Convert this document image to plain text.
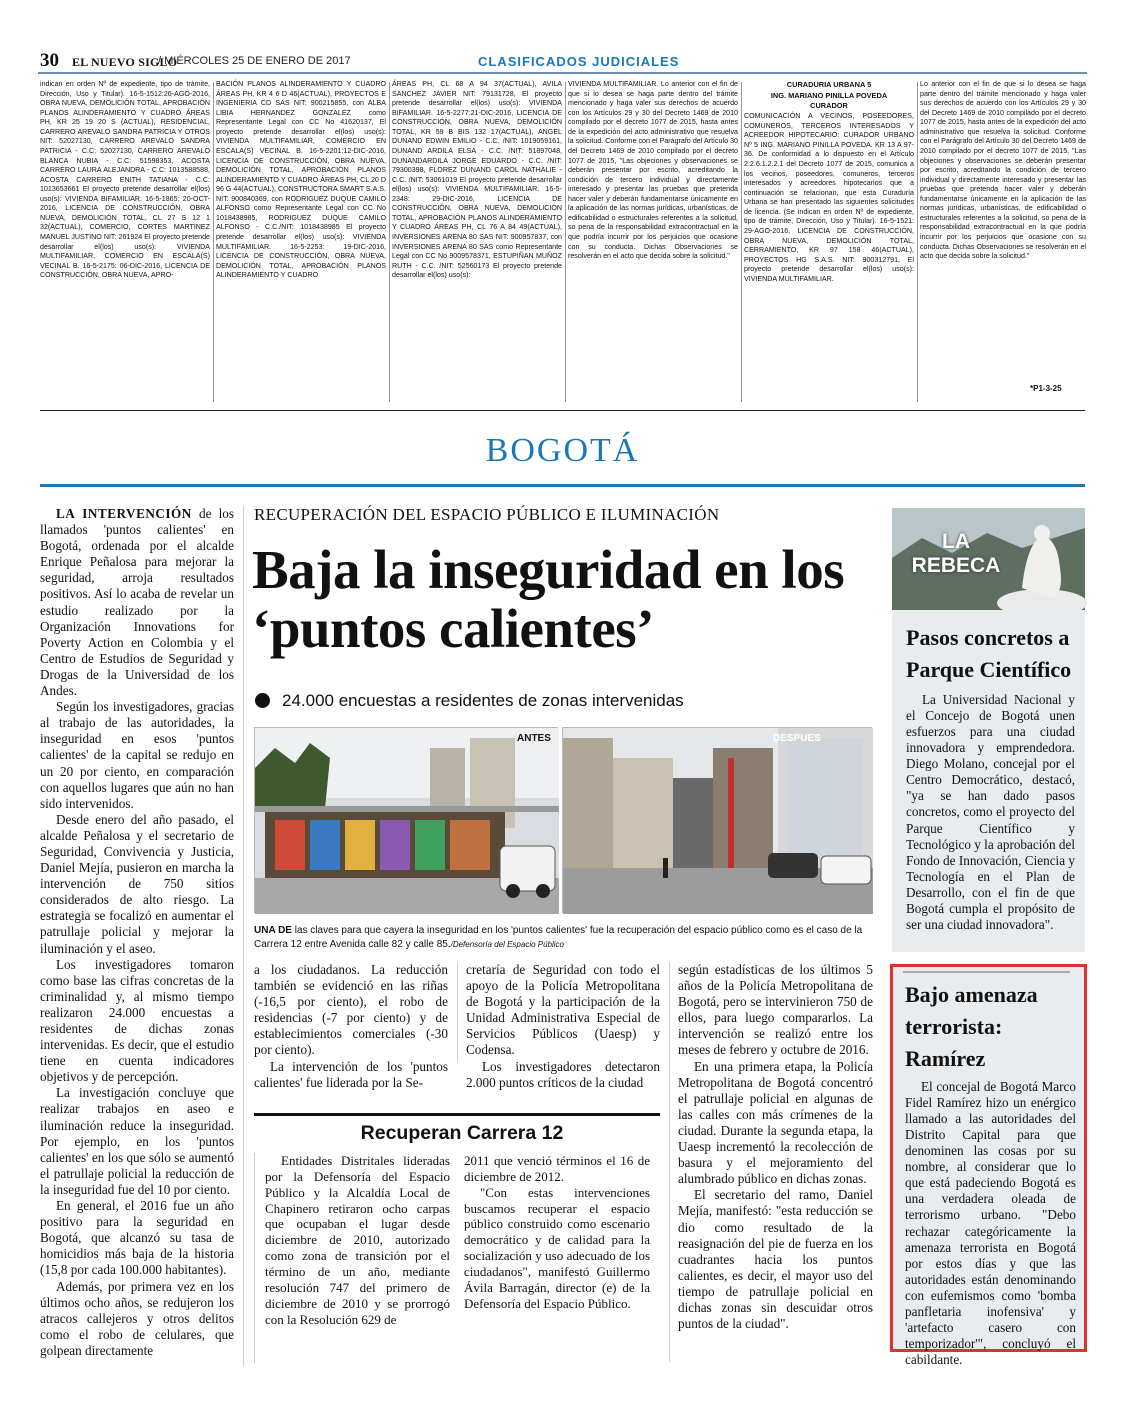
30 EL NUEVO SIGLO
/ MIÉRCOLES 25 DE ENERO DE 2017	CLASIFICADOS JUDICIALES
indican en orden Nº de expediente, tipo de trámite, Dirección, Uso y Titular). 16-5-1512:26-AGO-2016, OBRA NUEVA, DEMOLICIÓN TOTAL, APROBACIÓN PLANOS ALINDERAMIENTO Y CUADRO ÁREAS PH, KR 25 19 20 S (ACTUAL), RESIDENCIAL, CARRERO AREVALO SANDRA PATRICIA Y OTROS NIT: 52027130, CARRERO AREVALO SANDRA PATRICIA - C.C: 52027130, CARRERO AREVALO BLANCA NUBIA - C.C: 51598353, ACOSTA CARRERO LAURA ALEJANDRA - C.C: 1013588588, ACOSTA CARRERO ENITH TATIANA - C.C: 1013653661 El proyecto pretende desarrollar el(los) uso(s): VIVIENDA BIFAMILIAR. 16-5-1865: 20-OCT-2016, LICENCIA DE CONSTRUCCIÓN, OBRA NUEVA, DEMOLICIÓN TOTAL, CL 27 S 12 1 32(ACTUAL), COMERCIO, CORTES MARTINEZ MANUEL JUSTINO NIT: 261924 El proyecto pretende desarrollar el(los) uso(s): VIVIENDA MULTIFAMILIAR, COMERCIO EN ESCALA(S) VECINAL B. 16-5-2175: 06-DIC-2016, LICENCIA DE CONSTRUCCIÓN, OBRA NUEVA, APRO-
BACIÓN PLANOS ALINDERAMIENTO Y CUADRO ÁREAS PH, KR 4 6 D 46(ACTUAL), PROYECTOS E INGENIERIA CD SAS NIT: 900215855, con ALBA LIBIA HERNANDEZ GONZALEZ como Representante Legal con CC No 41620137, El proyecto pretende desarrollar el(los) uso(s): VIVIENDA MULTIFAMILIAR, COMERCIO EN ESCALA(S) VECINAL B. 16-5-2201:12-DIC-2016, LICENCIA DE CONSTRUCCIÓN, OBRA NUEVA, DEMOLICIÓN TOTAL, APROBACIÓN PLANOS ALINDERAMIENTO Y CUADRO ÁREAS PH, CL 20 D 96 G 44(ACTUAL), CONSTRUCTORA SMART S.A.S. NIT: 900840369, con RODRIGUEZ DUQUE CAMILO ALFONSO como Representante Legal con CC No 1018438985, RODRIGUEZ DUQUE CAMILO ALFONSO - C.C./NIT: 1018438985 El proyecto pretende desarrollar el(los) uso(s): VIVIENDA MULTIFAMILIAR. 16-5-2253: 19-DIC-2016, LICENCIA DE CONSTRUCCIÓN, OBRA NUEVA, DEMOLICIÓN TOTAL, APROBACIÓN PLANOS ALINDERAMIENTO Y CUADRO
ÁREAS PH, CL 68 A 94 37(ACTUAL), AVILA SANCHEZ JAVIER NIT: 79131728, El proyecto pretende desarrollar el(los) uso(s): VIVIENDA BIFAMILIAR. 16-5-2277:21-DIC-2016, LICENCIA DE CONSTRUCCIÓN, OBRA NUEVA, DEMOLICIÓN TOTAL, KR 59 B BIS 132 17(ACTUAL), ANGEL DUNAND EDWIN EMILIO - C.C. /NIT: 1019059161, DUNAND ARDILA ELSA - C.C. /NIT: 51897048, DUNANDARDILA JORGE EDUARDO - C.C. /NIT: 79300398, FLOREZ DUNAND CAROL NATHALIE - C.C. /NIT: 53061019 El proyecto pretende desarrollar el(los) uso(s): VIVIENDA MULTIFAMILIAR. 16-5-2348: 29-DIC-2016, LICENCIA DE CONSTRUCCIÓN, OBRA NUEVA, DEMOLICIÓN TOTAL, APROBACIÓN PLANOS ALINDERAMIENTO Y CUADRO ÁREAS PH, CL 76 A 84 49(ACTUAL), INVERSIONES ARENA 80 SAS NIT: 900957837, con INVERSIONES ARENA 80 SAS como Representante Legal con CC No 9009578371, ESTUPIÑAN MUÑOZ RUTH - C.C. /NIT: 52560173 El proyecto pretende desarrollar el(los) uso(s):
VIVIENDA MULTIFAMILIAR. Lo anterior con el fin de que si lo desea se haga parte dentro del trámite mencionado y haga valer sus derechos de acuerdo con los Artículos 29 y 30 del Decreto 1469 de 2010 compilado por el decreto 1077 de 2015, hasta antes de la expedición del acto administrativo que resuelva la solicitud. Conforme con el Parágrafo del Artículo 30 del Decreto 1469 de 2010 compilado por el decreto 1077 de 2015, "Las objeciones y observaciones se deberán presentar por escrito, acreditando la condición de tercero individual y directamente interesado y presentar las pruebas que pretenda hacer valer y deberán fundamentarse únicamente en la aplicación de las normas jurídicas, urbanísticas, de edificabilidad o estructurales referentes a la solicitud, so pena de la responsabilidad extracontractual en la que podría incurrir por los perjuicios que ocasione con su conducta. Dichas Observaciones se resolverán en el acto que decida sobre la solicitud."
CURADURIA URBANA 5
ING. MARIANO PINILLA POVEDA
CURADOR
COMUNICACIÓN A VECINOS, POSEEDORES, COMUNEROS, TERCEROS INTERESADOS Y ACREEDOR HIPOTECARIO: CURADOR URBANO Nº 5 ING. MARIANO PINILLA POVEDA. KR 13 A 97-36. De conformidad a lo dispuesto en el Artículo 2.2.6.1.2.2.1 del Decreto 1077 de 2015, comunica a los vecinos, poseedores, comuneros, terceros interesados y acreedores hipotecarios que a continuación se relacionan, que esta Curaduría Urbana se han presentado las siguientes solicitudes de licencia. (Se indican en orden Nº de expediente, tipo de trámite, Dirección, Uso y Titular). 16-5-1521: 29-AGO-2016, LICENCIA DE CONSTRUCCIÓN, OBRA NUEVA, DEMOLICIÓN TOTAL, CERRAMIENTO, KR 97 158 46(ACTUAL), PROYECTOS HG S.A.S. NIT: 900312791, El proyecto pretende desarrollar el(los) uso(s): VIVIENDA MULTIFAMILIAR.
Lo anterior con el fin de que si lo desea se haga parte dentro del trámite mencionado y haga valer sus derechos de acuerdo con los Artículos 29 y 30 del Decreto 1469 de 2010 compilado por el decreto 1077 de 2015, hasta antes de la expedición del acto administrativo que resuelva la solicitud. Conforme con el Parágrafo del Artículo 30 del Decreto 1469 de 2010 compilado por el decreto 1077 de 2015, "Las objeciones y observaciones se deberán presentar por escrito, acreditando la condición de tercero individual y directamente interesado y presentar las pruebas que pretenda hacer valer y deberán fundamentarse únicamente en la aplicación de las normas jurídicas, urbanísticas, de edificabilidad o estructurales referentes a la solicitud, so pena de la responsabilidad extracontractual en la que podría incurrir por los perjuicios que ocasione con su conducta. Dichas Observaciones se resolverán en el acto que decida sobre la solicitud."
*P1-3-25
BOGOTÁ

LA INTERVENCIÓN de los llamados 'puntos calientes' en Bogotá, ordenada por el alcalde Enrique Peñalosa para mejorar la seguridad, arroja resultados positivos. Así lo acaba de revelar un estudio realizado por la Organización Innovations for Poverty Action en Colombia y el Centro de Estudios de Seguridad y Drogas de la Universidad de los Andes.

Según los investigadores, gracias al trabajo de las autoridades, la inseguridad en esos 'puntos calientes' de la capital se redujo en un 20 por ciento, en comparación con aquellos lugares que aún no han sido intervenidos.

Desde enero del año pasado, el alcalde Peñalosa y el secretario de Seguridad, Convivencia y Justicia, Daniel Mejía, pusieron en marcha la intervención de 750 sitios considerados de alto riesgo. La estrategia se focalizó en aumentar el patrullaje policial y mejorar la iluminación y el aseo.

Los investigadores tomaron como base las cifras concretas de la criminalidad y, al mismo tiempo realizaron 24.000 encuestas a residentes de dichas zonas intervenidas. Es decir, que el estudio tiene en cuenta indicadores objetivos y de percepción.

La investigación concluye que realizar trabajos en aseo e iluminación reduce la inseguridad. Por ejemplo, en los 'puntos calientes' en los que sólo se aumentó el patrullaje policial la reducción de la inseguridad fue del 10 por ciento.

En general, el 2016 fue un año positivo para la seguridad en Bogotá, que alcanzó su tasa de homicidios más baja de la historia (15,8 por cada 100.000 habitantes).

Además, por primera vez en los últimos ocho años, se redujeron los atracos callejeros y otros delitos como el robo de celulares, que golpean directamente

RECUPERACIÓN DEL ESPACIO PÚBLICO E ILUMINACIÓN
Baja la inseguridad en los ‘puntos calientes’
24.000 encuestas a residentes de zonas intervenidas
ANTES	DESPUES
UNA DE las claves para que cayera la inseguridad en los 'puntos calientes' fue la recuperación del espacio público como es el caso de la Carrera 12 entre Avenida calle 82 y calle 85./Defensoría del Espacio Público

a los ciudadanos. La reducción también se evidenció en las riñas (-16,5 por ciento), el robo de residencias (-7 por ciento) y de establecimientos comerciales (-30 por ciento).

La intervención de los 'puntos calientes' fue liderada por la Se-

cretaría de Seguridad con todo el apoyo de la Policía Metropolitana de Bogotá y la participación de la Unidad Administrativa Especial de Servicios Públicos (Uaesp) y Codensa.

Los investigadores detectaron 2.000 puntos críticos de la ciudad

según estadísticas de los últimos 5 años de la Policía Metropolitana de Bogotá, pero se intervinieron 750 de ellos, para luego compararlos. La intervención se realizó entre los meses de febrero y octubre de 2016.

En una primera etapa, la Policía Metropolitana de Bogotá concentró el patrullaje policial en algunas de las calles con más crímenes de la ciudad. Durante la segunda etapa, la Uaesp incrementó la recolección de basura y el mejoramiento del alumbrado público en dichas zonas.

El secretario del ramo, Daniel Mejía, manifestó: "esta reducción se dio como resultado de la reasignación del pie de fuerza en los cuadrantes hacia los puntos calientes, es decir, el mayor uso del tiempo de patrullaje policial en dichas zonas sin descuidar otros puntos de la ciudad".

Recuperan Carrera 12

Entidades Distritales lideradas por la Defensoría del Espacio Público y la Alcaldía Local de Chapinero retiraron ocho carpas que ocupaban el lugar desde diciembre de 2010, autorizado como zona de transición por el término de un año, mediante resolución 747 del primero de diciembre de 2010 y se prorrogó con la Resolución 629 de

2011 que venció términos el 16 de diciembre de 2012.

"Con estas intervenciones buscamos recuperar el espacio público construido como escenario democrático y de calidad para la socialización y uso adecuado de los ciudadanos", manifestó Guillermo Ávila Barragán, director (e) de la Defensoría del Espacio Público.

LA REBECA
Pasos concretos a Parque Científico

La Universidad Nacional y el Concejo de Bogotá unen esfuerzos para una ciudad innovadora y emprendedora. Diego Molano, concejal por el Centro Democrático, destacó, "ya se han dado pasos concretos, como el proyecto del Parque Científico y Tecnológico y la aprobación del Fondo de Innovación, Ciencia y Tecnología en el Plan de Desarrollo, con el fin de que Bogotá cumpla el propósito de ser una ciudad innovadora".

Bajo amenaza terrorista: Ramírez

El concejal de Bogotá Marco Fidel Ramírez hizo un enérgico llamado a las autoridades del Distrito Capital para que denominen las cosas por su nombre, al considerar que lo que está padeciendo Bogotá es una verdadera oleada de terrorismo urbano. "Debo rechazar categóricamente la amenaza terrorista en Bogotá por estos días y que las autoridades están denominando con eufemismos como 'bomba panfletaria inofensiva' y 'artefacto casero con temporizador'", concluyó el cabildante.
